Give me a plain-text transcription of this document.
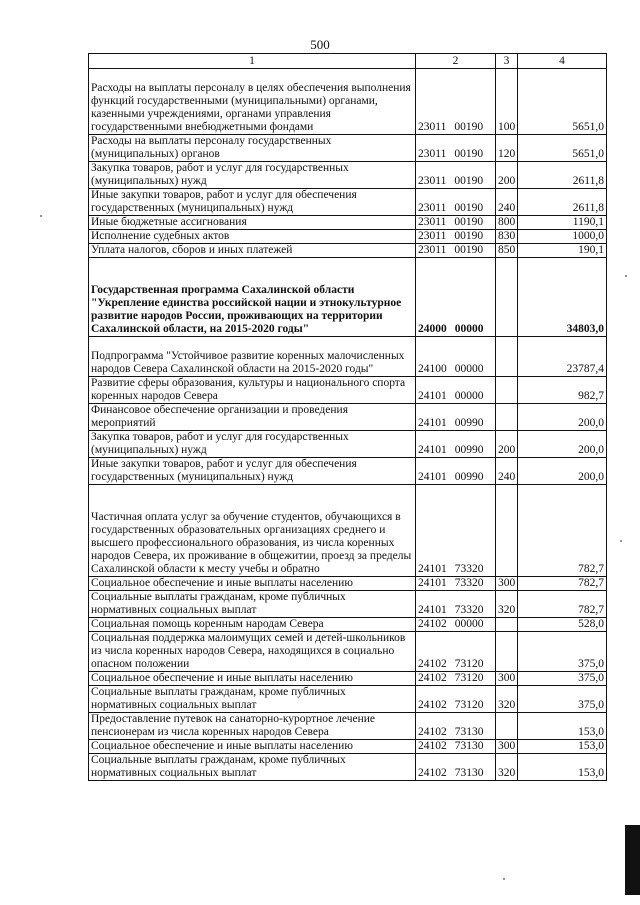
500
1	2	3	4
Расходы на выплаты персоналу в целях обеспечения выполнения функций государственными (муниципальными) органами, казенными учреждениями, органами управления государственными внебюджетными фондами	23011 00190	100	5651,0
Расходы на выплаты персоналу государственных (муниципальных) органов	23011 00190	120	5651,0
Закупка товаров, работ и услуг для государственных (муниципальных) нужд	23011 00190	200	2611,8
Иные закупки товаров, работ и услуг для обеспечения государственных (муниципальных) нужд	23011 00190	240	2611,8
Иные бюджетные ассигнования	23011 00190	800	1190,1
Исполнение судебных актов	23011 00190	830	1000,0
Уплата налогов, сборов и иных платежей	23011 00190	850	190,1
Государственная программа Сахалинской области "Укрепление единства российской нации и этнокультурное развитие народов России, проживающих на территории Сахалинской области, на 2015-2020 годы"	24000 00000		34803,0
Подпрограмма "Устойчивое развитие коренных малочисленных народов Севера Сахалинской области на 2015-2020 годы"	24100 00000		23787,4
Развитие сферы образования, культуры и национального спорта коренных народов Севера	24101 00000		982,7
Финансовое обеспечение организации и проведения мероприятий	24101 00990		200,0
Закупка товаров, работ и услуг для государственных (муниципальных) нужд	24101 00990	200	200,0
Иные закупки товаров, работ и услуг для обеспечения государственных (муниципальных) нужд	24101 00990	240	200,0
Частичная оплата услуг за обучение студентов, обучающихся в государственных образовательных организациях среднего и высшего профессионального образования, из числа коренных народов Севера, их проживание в общежитии, проезд за пределы Сахалинской области к месту учебы и обратно	24101 73320		782,7
Социальное обеспечение и иные выплаты населению	24101 73320	300	782,7
Социальные выплаты гражданам, кроме публичных нормативных социальных выплат	24101 73320	320	782,7
Социальная помощь коренным народам Севера	24102 00000		528,0
Социальная поддержка малоимущих семей и детей-школьников из числа коренных народов Севера, находящихся в социально опасном положении	24102 73120		375,0
Социальное обеспечение и иные выплаты населению	24102 73120	300	375,0
Социальные выплаты гражданам, кроме публичных нормативных социальных выплат	24102 73120	320	375,0
Предоставление путевок на санаторно-курортное лечение пенсионерам из числа коренных народов Севера	24102 73130		153,0
Социальное обеспечение и иные выплаты населению	24102 73130	300	153,0
Социальные выплаты гражданам, кроме публичных нормативных социальных выплат	24102 73130	320	153,0
